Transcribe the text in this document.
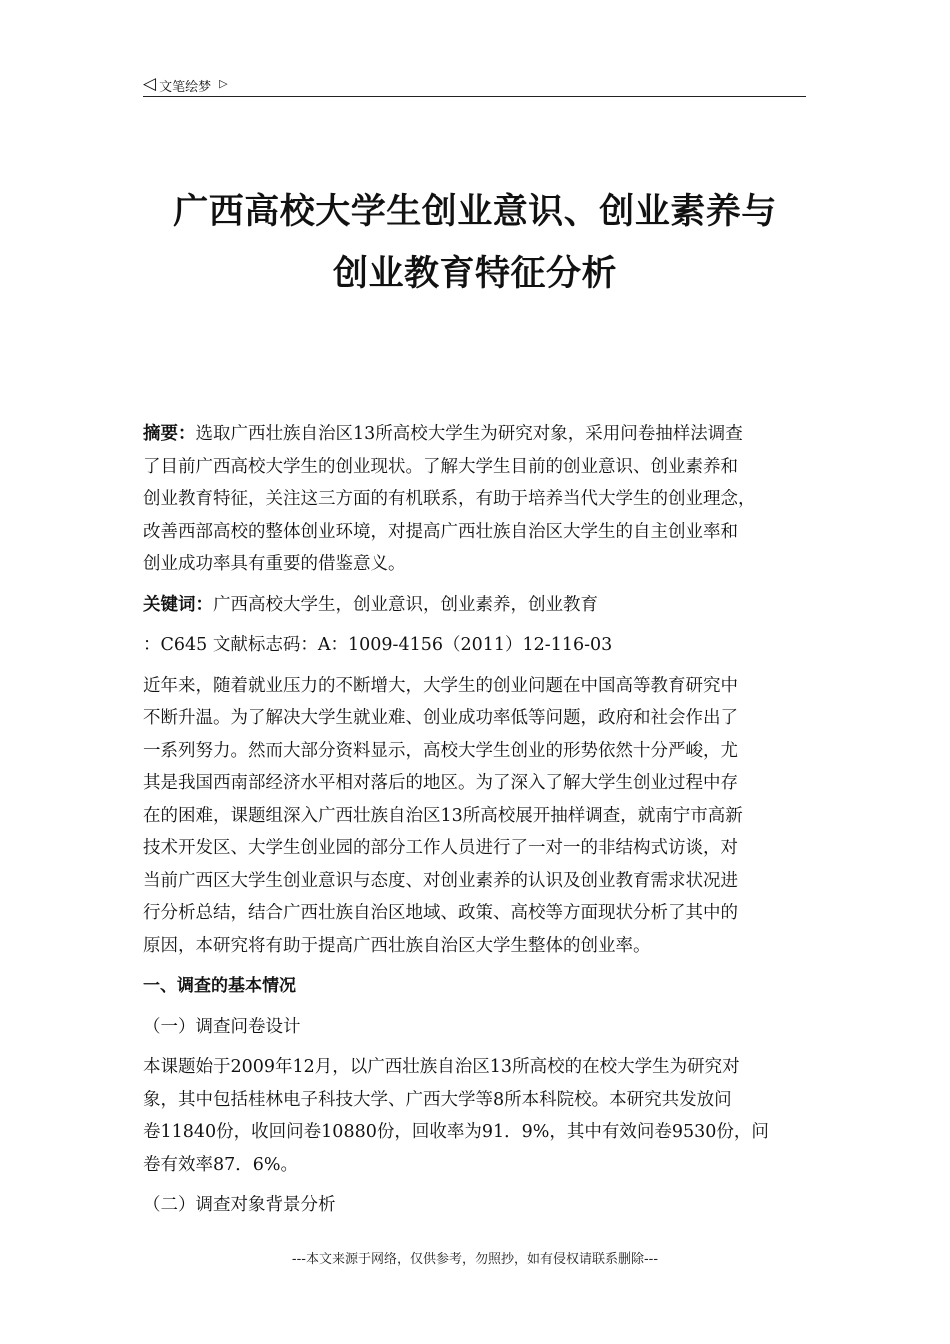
◁ 文笔绘梦 ▷
广西高校大学生创业意识、创业素养与
创业教育特征分析
摘要：选取广西壮族自治区13所高校大学生为研究对象，采用问卷抽样法调查
了目前广西高校大学生的创业现状。了解大学生目前的创业意识、创业素养和
创业教育特征，关注这三方面的有机联系，有助于培养当代大学生的创业理念，
改善西部高校的整体创业环境，对提高广西壮族自治区大学生的自主创业率和
创业成功率具有重要的借鉴意义。
关键词：广西高校大学生，创业意识，创业素养，创业教育
：C645 文献标志码：A：1009-4156（2011）12-116-03
近年来，随着就业压力的不断增大，大学生的创业问题在中国高等教育研究中
不断升温。为了解决大学生就业难、创业成功率低等问题，政府和社会作出了
一系列努力。然而大部分资料显示，高校大学生创业的形势依然十分严峻，尤
其是我国西南部经济水平相对落后的地区。为了深入了解大学生创业过程中存
在的困难，课题组深入广西壮族自治区13所高校展开抽样调查，就南宁市高新
技术开发区、大学生创业园的部分工作人员进行了一对一的非结构式访谈，对
当前广西区大学生创业意识与态度、对创业素养的认识及创业教育需求状况进
行分析总结，结合广西壮族自治区地域、政策、高校等方面现状分析了其中的
原因，本研究将有助于提高广西壮族自治区大学生整体的创业率。
一、调查的基本情况
（一）调查问卷设计
本课题始于2009年12月，以广西壮族自治区13所高校的在校大学生为研究对
象，其中包括桂林电子科技大学、广西大学等8所本科院校。本研究共发放问
卷11840份，收回问卷10880份，回收率为91．9%，其中有效问卷9530份，问
卷有效率87．6%。
（二）调查对象背景分析
---本文来源于网络，仅供参考，勿照抄，如有侵权请联系删除---
